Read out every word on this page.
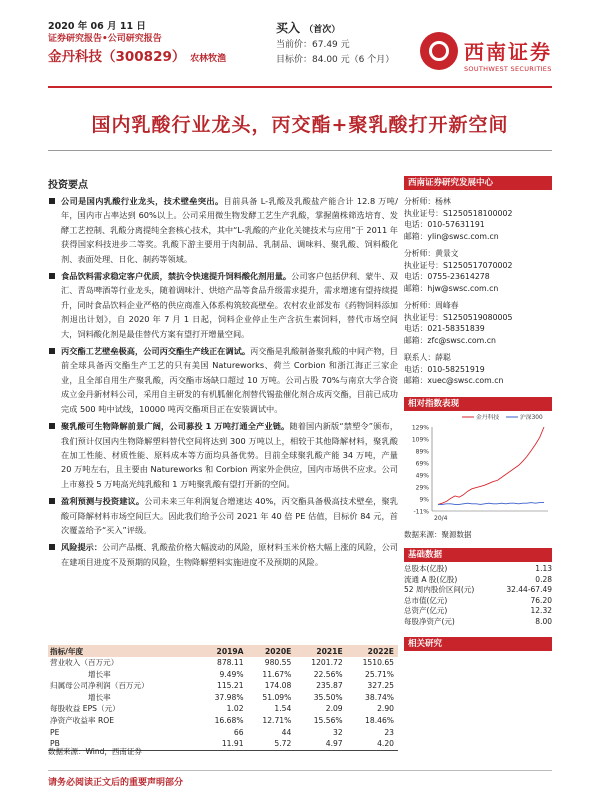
2020 年 06 月 11 日
证券研究报告•公司研究报告
金丹科技（300829） 农林牧渔
买入 （首次）
当前价：67.49 元
目标价：84.00 元（6 个月）	西南证券
SOUTHWEST SECURITIES
国内乳酸行业龙头，丙交酯+聚乳酸打开新空间
投资要点
公司是国内乳酸行业龙头，技术壁垒突出。目前具备 L-乳酸及乳酸盐产能合计 12.8 万吨/年，国内市占率达到 60%以上。公司采用微生物发酵工艺生产乳酸，掌握菌株筛选培育、发酵工艺控制、乳酸分离提纯全套核心技术，其中“L-乳酸的产业化关键技术与应用”于 2011 年获得国家科技进步二等奖。乳酸下游主要用于肉制品、乳制品、调味料、聚乳酸、饲料酸化剂、表面处理、日化、制药等领域。
食品饮料需求稳定客户优质，禁抗令快速提升饲料酸化剂用量。公司客户包括伊利、蒙牛、双汇、青岛啤酒等行业龙头，随着调味汁、烘焙产品等食品升级需求提升，需求增速有望持续提升，同时食品饮料企业严格的供应商准入体系构筑较高壁垒。农村农业部发布《药物饲料添加剂退出计划》，自 2020 年 7 月 1 日起，饲料企业停止生产含抗生素饲料，替代市场空间大，饲料酸化剂是最佳替代方案有望打开增量空间。
丙交酯工艺壁垒极高，公司丙交酯生产线正在调试。丙交酯是乳酸制备聚乳酸的中间产物，目前全球具备丙交酯生产工艺的只有美国 Natureworks、荷兰 Corbion 和浙江海正三家企业，且全部自用生产聚乳酸，丙交酯市场缺口超过 10 万吨。公司占股 70%与南京大学合资成立金丹新材料公司，采用自主研发的有机胍催化剂替代锡盐催化剂合成丙交酯，目前已成功完成 500 吨中试线，10000 吨丙交酯项目正在安装调试中。
聚乳酸可生物降解前景广阔，公司募投 1 万吨打通全产业链。随着国内新版“禁塑令”颁布，我们预计仅国内生物降解塑料替代空间将达到 300 万吨以上，相较于其他降解材料，聚乳酸在加工性能、材质性能、原料成本等方面均具备优势。目前全球聚乳酸产能 34 万吨，产量 20 万吨左右，且主要由 Natureworks 和 Corbion 两家外企供应，国内市场供不应求。公司上市募投 5 万吨高光纯乳酸和 1 万吨聚乳酸有望打开新的空间。
盈利预测与投资建议。公司未来三年利润复合增速达 40%，丙交酯具备极高技术壁垒，聚乳酸可降解材料市场空间巨大。因此我们给予公司 2021 年 40 倍 PE 估值，目标价 84 元，首次覆盖给予“买入”评级。
风险提示：公司产品概、乳酸盐价格大幅波动的风险，原材料玉米价格大幅上涨的风险，公司在建项目进度不及预期的风险，生物降解塑料实施进度不及预期的风险。
指标/年度	2019A	2020E	2021E	2022E
营业收入（百万元）	878.11	980.55	1201.72	1510.65
增长率	9.49%	11.67%	22.56%	25.71%
归属母公司净利润（百万元）	115.21	174.08	235.87	327.25
增长率	37.98%	51.09%	35.50%	38.74%
每股收益 EPS（元）	1.02	1.54	2.09	2.90
净资产收益率 ROE	16.68%	12.71%	15.56%	18.46%
PE	66	44	32	23
PB	11.91	5.72	4.97	4.20
数据来源：Wind，西南证券
请务必阅读正文后的重要声明部分
西南证券研究发展中心
分析师：杨林
执业证号：S1250518100002
电话：010-57631191
邮箱：ylin@swsc.com.cn
分析师：黄景文
执业证号：S1250517070002
电话：0755-23614278
邮箱：hjw@swsc.com.cn
分析师：周峰春
执业证号：S1250519080005
电话：021-58351839
邮箱：zfc@swsc.com.cn
联系人：薛聪
电话：010-58251919
邮箱：xuec@swsc.com.cn
相对指数表现
129%
109%
89%
69%
49%
29%
9%
-11%
20/4
金丹科技	沪深300
数据来源：聚源数据
基础数据
总股本(亿股)	1.13
流通 A 股(亿股)	0.28
52 周内股价区间(元)	32.44-67.49
总市值(亿元)	76.20
总资产(亿元)	12.32
每股净资产(元)	8.00
相关研究
